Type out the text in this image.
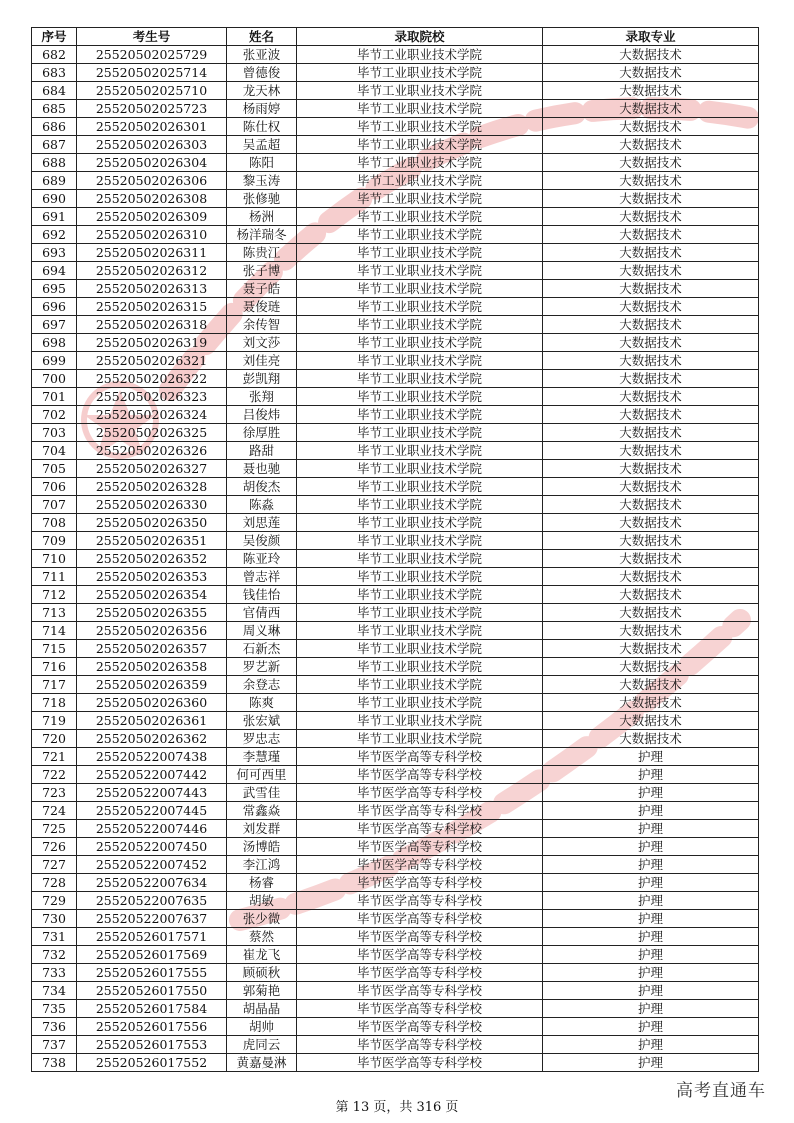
序号	考生号	姓名	录取院校	录取专业
682	25520502025729	张亚波	毕节工业职业技术学院	大数据技术
683	25520502025714	曾德俊	毕节工业职业技术学院	大数据技术
684	25520502025710	龙天林	毕节工业职业技术学院	大数据技术
685	25520502025723	杨雨婷	毕节工业职业技术学院	大数据技术
686	25520502026301	陈仕权	毕节工业职业技术学院	大数据技术
687	25520502026303	吴孟超	毕节工业职业技术学院	大数据技术
688	25520502026304	陈阳	毕节工业职业技术学院	大数据技术
689	25520502026306	黎玉涛	毕节工业职业技术学院	大数据技术
690	25520502026308	张修驰	毕节工业职业技术学院	大数据技术
691	25520502026309	杨洲	毕节工业职业技术学院	大数据技术
692	25520502026310	杨洋瑞冬	毕节工业职业技术学院	大数据技术
693	25520502026311	陈贵江	毕节工业职业技术学院	大数据技术
694	25520502026312	张子博	毕节工业职业技术学院	大数据技术
695	25520502026313	聂子皓	毕节工业职业技术学院	大数据技术
696	25520502026315	聂俊琏	毕节工业职业技术学院	大数据技术
697	25520502026318	余传智	毕节工业职业技术学院	大数据技术
698	25520502026319	刘文莎	毕节工业职业技术学院	大数据技术
699	25520502026321	刘佳亮	毕节工业职业技术学院	大数据技术
700	25520502026322	彭凯翔	毕节工业职业技术学院	大数据技术
701	25520502026323	张翔	毕节工业职业技术学院	大数据技术
702	25520502026324	吕俊炜	毕节工业职业技术学院	大数据技术
703	25520502026325	徐厚胜	毕节工业职业技术学院	大数据技术
704	25520502026326	路甜	毕节工业职业技术学院	大数据技术
705	25520502026327	聂也驰	毕节工业职业技术学院	大数据技术
706	25520502026328	胡俊杰	毕节工业职业技术学院	大数据技术
707	25520502026330	陈淼	毕节工业职业技术学院	大数据技术
708	25520502026350	刘思莲	毕节工业职业技术学院	大数据技术
709	25520502026351	吴俊颜	毕节工业职业技术学院	大数据技术
710	25520502026352	陈亚玲	毕节工业职业技术学院	大数据技术
711	25520502026353	曾志祥	毕节工业职业技术学院	大数据技术
712	25520502026354	钱佳怡	毕节工业职业技术学院	大数据技术
713	25520502026355	官倩西	毕节工业职业技术学院	大数据技术
714	25520502026356	周义琳	毕节工业职业技术学院	大数据技术
715	25520502026357	石新杰	毕节工业职业技术学院	大数据技术
716	25520502026358	罗艺新	毕节工业职业技术学院	大数据技术
717	25520502026359	余登志	毕节工业职业技术学院	大数据技术
718	25520502026360	陈爽	毕节工业职业技术学院	大数据技术
719	25520502026361	张宏斌	毕节工业职业技术学院	大数据技术
720	25520502026362	罗忠志	毕节工业职业技术学院	大数据技术
721	25520522007438	李慧瑾	毕节医学高等专科学校	护理
722	25520522007442	何可西里	毕节医学高等专科学校	护理
723	25520522007443	武雪佳	毕节医学高等专科学校	护理
724	25520522007445	常鑫焱	毕节医学高等专科学校	护理
725	25520522007446	刘发群	毕节医学高等专科学校	护理
726	25520522007450	汤博皓	毕节医学高等专科学校	护理
727	25520522007452	李江鸿	毕节医学高等专科学校	护理
728	25520522007634	杨睿	毕节医学高等专科学校	护理
729	25520522007635	胡敏	毕节医学高等专科学校	护理
730	25520522007637	张少微	毕节医学高等专科学校	护理
731	25520526017571	蔡然	毕节医学高等专科学校	护理
732	25520526017569	崔龙飞	毕节医学高等专科学校	护理
733	25520526017555	顾硕秋	毕节医学高等专科学校	护理
734	25520526017550	郭菊艳	毕节医学高等专科学校	护理
735	25520526017584	胡晶晶	毕节医学高等专科学校	护理
736	25520526017556	胡帅	毕节医学高等专科学校	护理
737	25520526017553	虎同云	毕节医学高等专科学校	护理
738	25520526017552	黄嘉曼淋	毕节医学高等专科学校	护理
第 13 页，共 316 页
高考直通车
